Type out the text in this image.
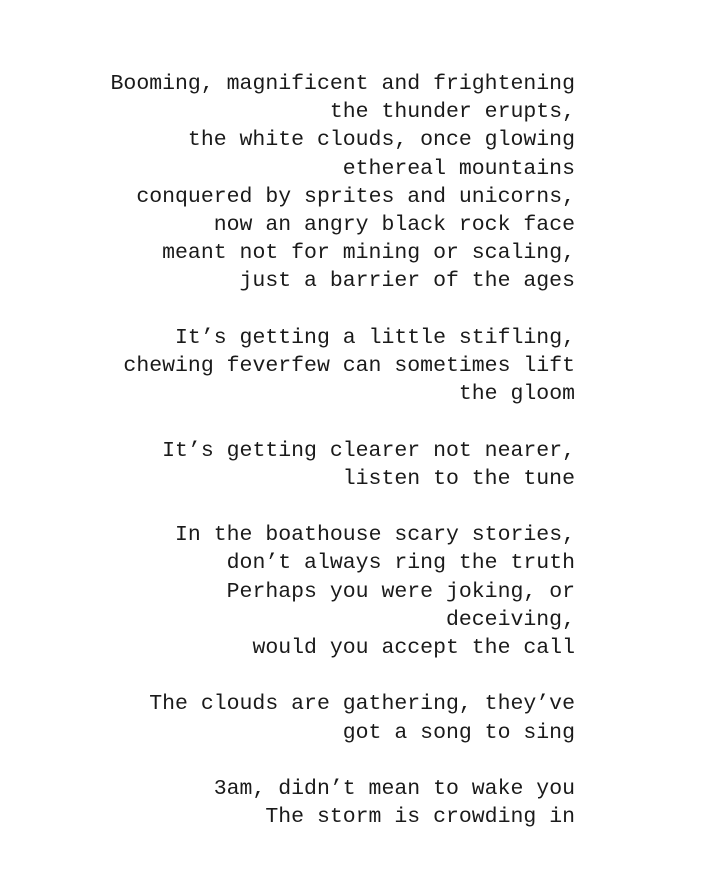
Booming, magnificent and frightening
the thunder erupts,
the white clouds, once glowing
ethereal mountains
conquered by sprites and unicorns,
now an angry black rock face
meant not for mining or scaling,
just a barrier of the ages
It’s getting a little stifling,
chewing feverfew can sometimes lift
the gloom
It’s getting clearer not nearer,
listen to the tune
In the boathouse scary stories,
don’t always ring the truth
Perhaps you were joking, or
deceiving,
would you accept the call
The clouds are gathering, they’ve
got a song to sing
3am, didn’t mean to wake you
The storm is crowding in
